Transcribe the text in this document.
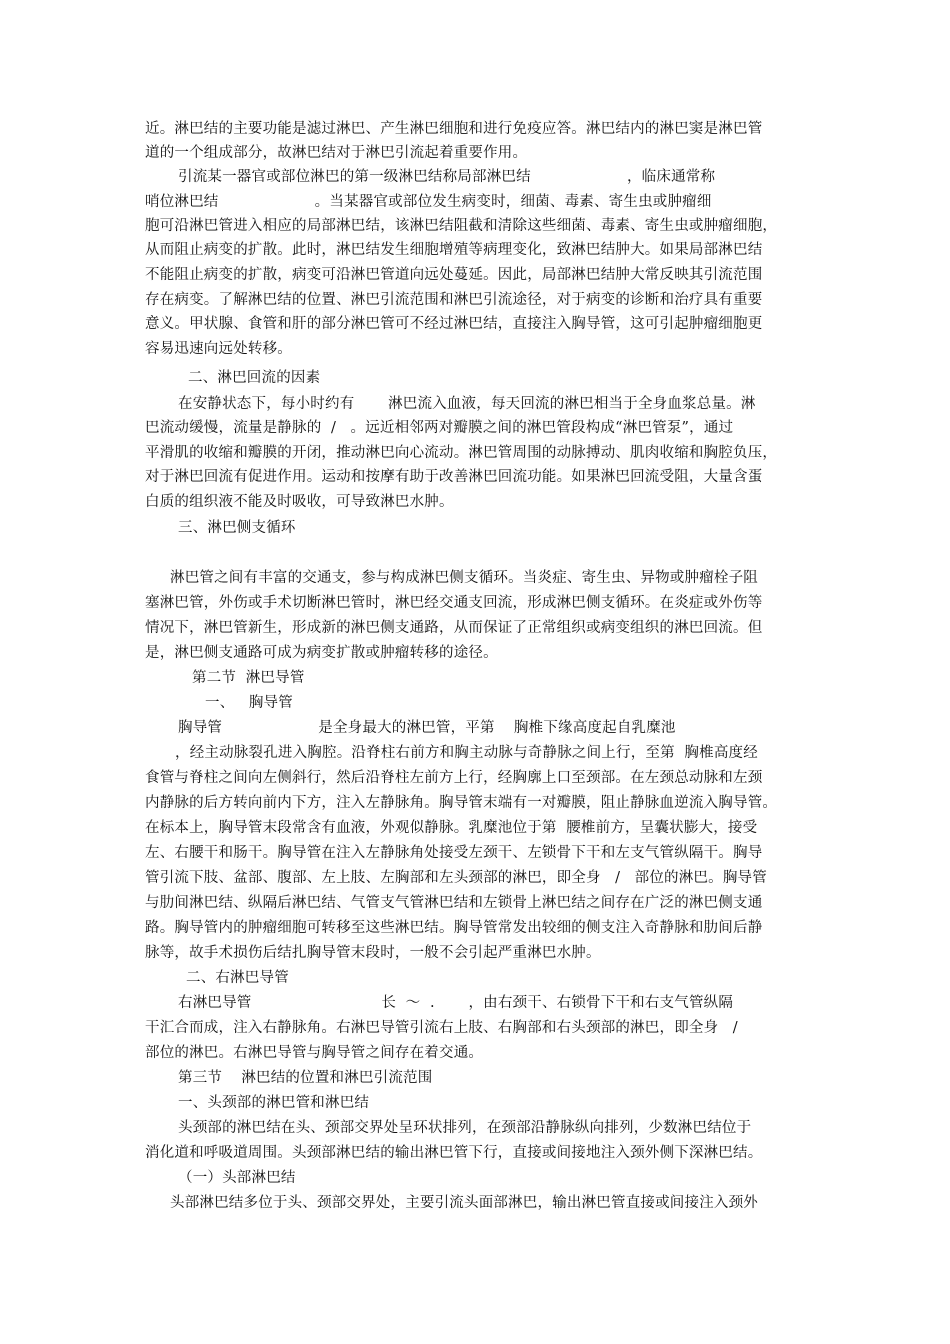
近。淋巴结的主要功能是滤过淋巴、产生淋巴细胞和进行免疫应答。淋巴结内的淋巴窦是淋巴管
道的一个组成部分，故淋巴结对于淋巴引流起着重要作用。
引流某一器官或部位淋巴的第一级淋巴结称局部淋巴结                    ，临床通常称
哨位淋巴结                    。当某器官或部位发生病变时，细菌、毒素、寄生虫或肿瘤细
胞可沿淋巴管进入相应的局部淋巴结，该淋巴结阻截和清除这些细菌、毒素、寄生虫或肿瘤细胞，
从而阻止病变的扩散。此时，淋巴结发生细胞增殖等病理变化，致淋巴结肿大。如果局部淋巴结
不能阻止病变的扩散，病变可沿淋巴管道向远处蔓延。因此，局部淋巴结肿大常反映其引流范围
存在病变。了解淋巴结的位置、淋巴引流范围和淋巴引流途径，对于病变的诊断和治疗具有重要
意义。甲状腺、食管和肝的部分淋巴管可不经过淋巴结，直接注入胸导管，这可引起肿瘤细胞更
容易迅速向远处转移。
二、淋巴回流的因素
在安静状态下，每小时约有       淋巴流入血液，每天回流的淋巴相当于全身血浆总量。淋
巴流动缓慢，流量是静脉的  /   。远近相邻两对瓣膜之间的淋巴管段构成“淋巴管泵”，通过
平滑肌的收缩和瓣膜的开闭，推动淋巴向心流动。淋巴管周围的动脉搏动、肌肉收缩和胸腔负压，
对于淋巴回流有促进作用。运动和按摩有助于改善淋巴回流功能。如果淋巴回流受阻，大量含蛋
白质的组织液不能及时吸收，可导致淋巴水肿。
三、淋巴侧支循环
淋巴管之间有丰富的交通支，参与构成淋巴侧支循环。当炎症、寄生虫、异物或肿瘤栓子阻
塞淋巴管，外伤或手术切断淋巴管时，淋巴经交通支回流，形成淋巴侧支循环。在炎症或外伤等
情况下，淋巴管新生，形成新的淋巴侧支通路，从而保证了正常组织或病变组织的淋巴回流。但
是，淋巴侧支通路可成为病变扩散或肿瘤转移的途径。
第二节  淋巴导管
一、   胸导管
胸导管                    是全身最大的淋巴管，平第    胸椎下缘高度起自乳糜池
，经主动脉裂孔进入胸腔。沿脊柱右前方和胸主动脉与奇静脉之间上行，至第  胸椎高度经
食管与脊柱之间向左侧斜行，然后沿脊柱左前方上行，经胸廓上口至颈部。在左颈总动脉和左颈
内静脉的后方转向前内下方，注入左静脉角。胸导管末端有一对瓣膜，阻止静脉血逆流入胸导管。
在标本上，胸导管末段常含有血液，外观似静脉。乳糜池位于第  腰椎前方，呈囊状膨大，接受
左、右腰干和肠干。胸导管在注入左静脉角处接受左颈干、左锁骨下干和左支气管纵隔干。胸导
管引流下肢、盆部、腹部、左上肢、左胸部和左头颈部的淋巴，即全身   /   部位的淋巴。胸导管
与肋间淋巴结、纵隔后淋巴结、气管支气管淋巴结和左锁骨上淋巴结之间存在广泛的淋巴侧支通
路。胸导管内的肿瘤细胞可转移至这些淋巴结。胸导管常发出较细的侧支注入奇静脉和肋间后静
脉等，故手术损伤后结扎胸导管末段时，一般不会引起严重淋巴水肿。
二、右淋巴导管
右淋巴导管                           长  ～  .       ，由右颈干、右锁骨下干和右支气管纵隔
干汇合而成，注入右静脉角。右淋巴导管引流右上肢、右胸部和右头颈部的淋巴，即全身   /
部位的淋巴。右淋巴导管与胸导管之间存在着交通。
第三节    淋巴结的位置和淋巴引流范围
一、头颈部的淋巴管和淋巴结
头颈部的淋巴结在头、颈部交界处呈环状排列，在颈部沿静脉纵向排列，少数淋巴结位于
消化道和呼吸道周围。头颈部淋巴结的输出淋巴管下行，直接或间接地注入颈外侧下深淋巴结。
（一）头部淋巴结
头部淋巴结多位于头、颈部交界处，主要引流头面部淋巴，输出淋巴管直接或间接注入颈外
